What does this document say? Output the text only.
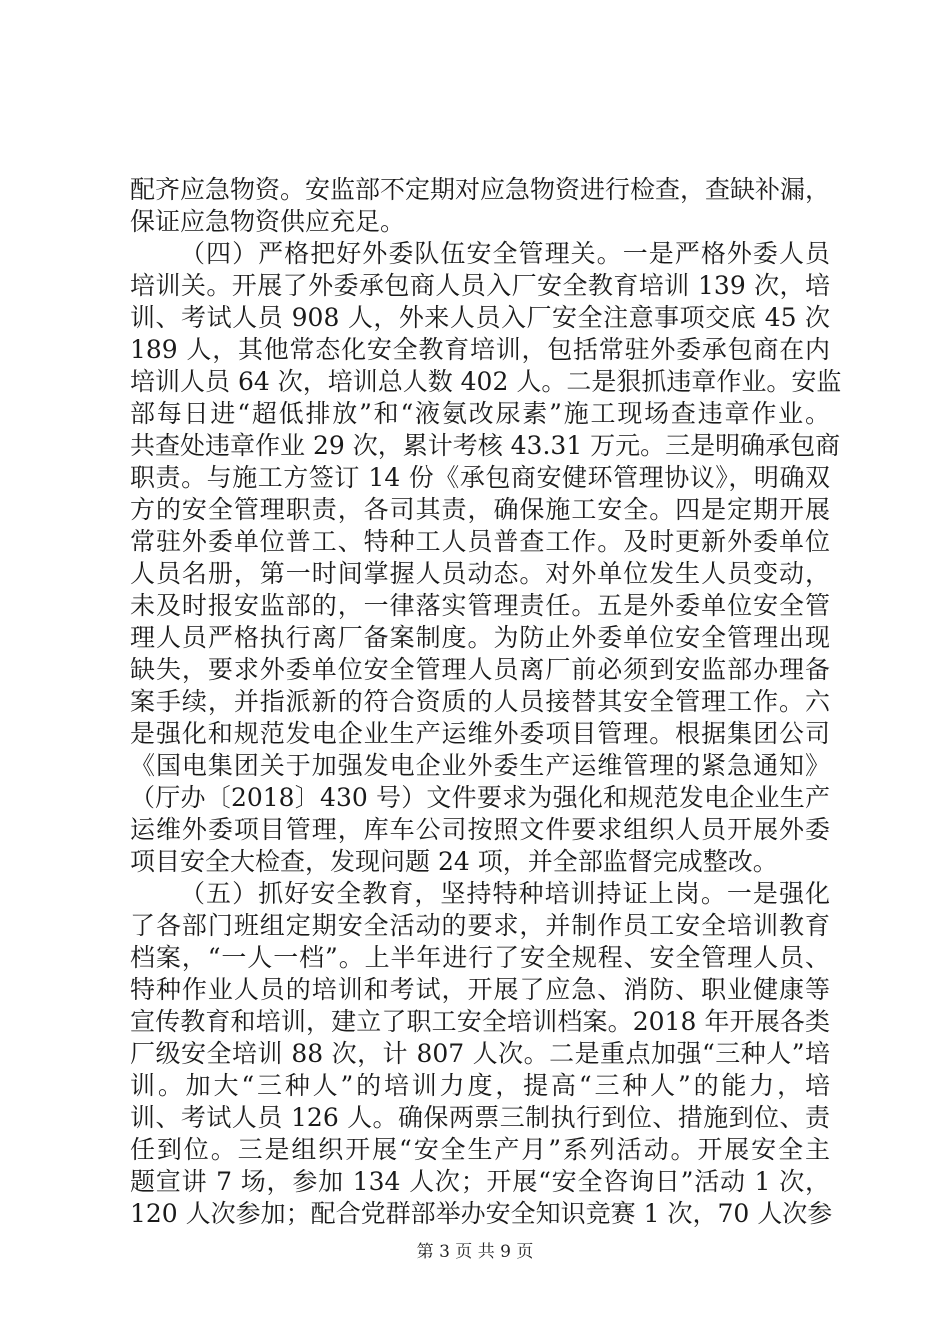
配齐应急物资。安监部不定期对应急物资进行检查，查缺补漏，
保证应急物资供应充足。
（四）严格把好外委队伍安全管理关。一是严格外委人员
培训关。开展了外委承包商人员入厂安全教育培训 139 次，培
训、考试人员 908 人，外来人员入厂安全注意事项交底 45 次
189 人，其他常态化安全教育培训，包括常驻外委承包商在内
培训人员 64 次，培训总人数 402 人。二是狠抓违章作业。安监
部每日进“超低排放”和“液氨改尿素”施工现场查违章作业。
共查处违章作业 29 次，累计考核 43.31 万元。三是明确承包商
职责。与施工方签订 14 份《承包商安健环管理协议》，明确双
方的安全管理职责，各司其责，确保施工安全。四是定期开展
常驻外委单位普工、特种工人员普查工作。及时更新外委单位
人员名册，第一时间掌握人员动态。对外单位发生人员变动，
未及时报安监部的，一律落实管理责任。五是外委单位安全管
理人员严格执行离厂备案制度。为防止外委单位安全管理出现
缺失，要求外委单位安全管理人员离厂前必须到安监部办理备
案手续，并指派新的符合资质的人员接替其安全管理工作。六
是强化和规范发电企业生产运维外委项目管理。根据集团公司
《国电集团关于加强发电企业外委生产运维管理的紧急通知》
（厅办〔2018〕430 号）文件要求为强化和规范发电企业生产
运维外委项目管理，库车公司按照文件要求组织人员开展外委
项目安全大检查，发现问题 24 项，并全部监督完成整改。
（五）抓好安全教育，坚持特种培训持证上岗。一是强化
了各部门班组定期安全活动的要求，并制作员工安全培训教育
档案，“一人一档”。上半年进行了安全规程、安全管理人员、
特种作业人员的培训和考试，开展了应急、消防、职业健康等
宣传教育和培训，建立了职工安全培训档案。2018 年开展各类
厂级安全培训 88 次，计 807 人次。二是重点加强“三种人”培
训。加大“三种人”的培训力度，提高“三种人”的能力，培
训、考试人员 126 人。确保两票三制执行到位、措施到位、责
任到位。三是组织开展“安全生产月”系列活动。开展安全主
题宣讲 7 场，参加 134 人次；开展“安全咨询日”活动 1 次，
120 人次参加；配合党群部举办安全知识竞赛 1 次，70 人次参
第 3 页 共 9 页
